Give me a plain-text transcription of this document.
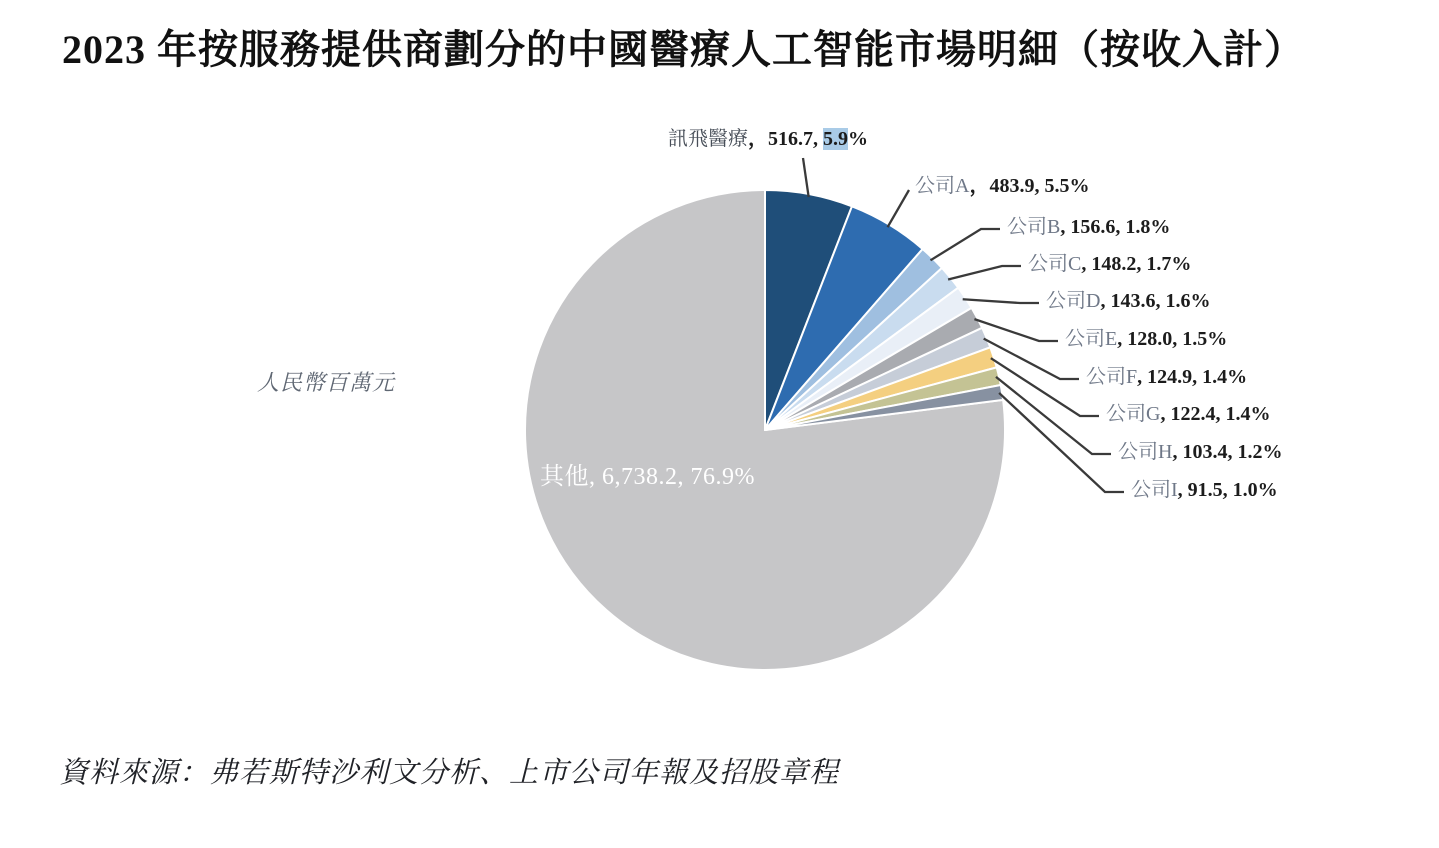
2023 年按服務提供商劃分的中國醫療人工智能市場明細（按收入計）
訊飛醫療，516.7, 5.9%
公司A，483.9, 5.5%
公司B, 156.6, 1.8%
公司C, 148.2, 1.7%
公司D, 143.6, 1.6%
公司E, 128.0, 1.5%
公司F, 124.9, 1.4%
公司G, 122.4, 1.4%
公司H, 103.4, 1.2%
公司I, 91.5, 1.0%
其他, 6,738.2, 76.9%
人民幣百萬元
資料來源：弗若斯特沙利文分析、上市公司年報及招股章程
